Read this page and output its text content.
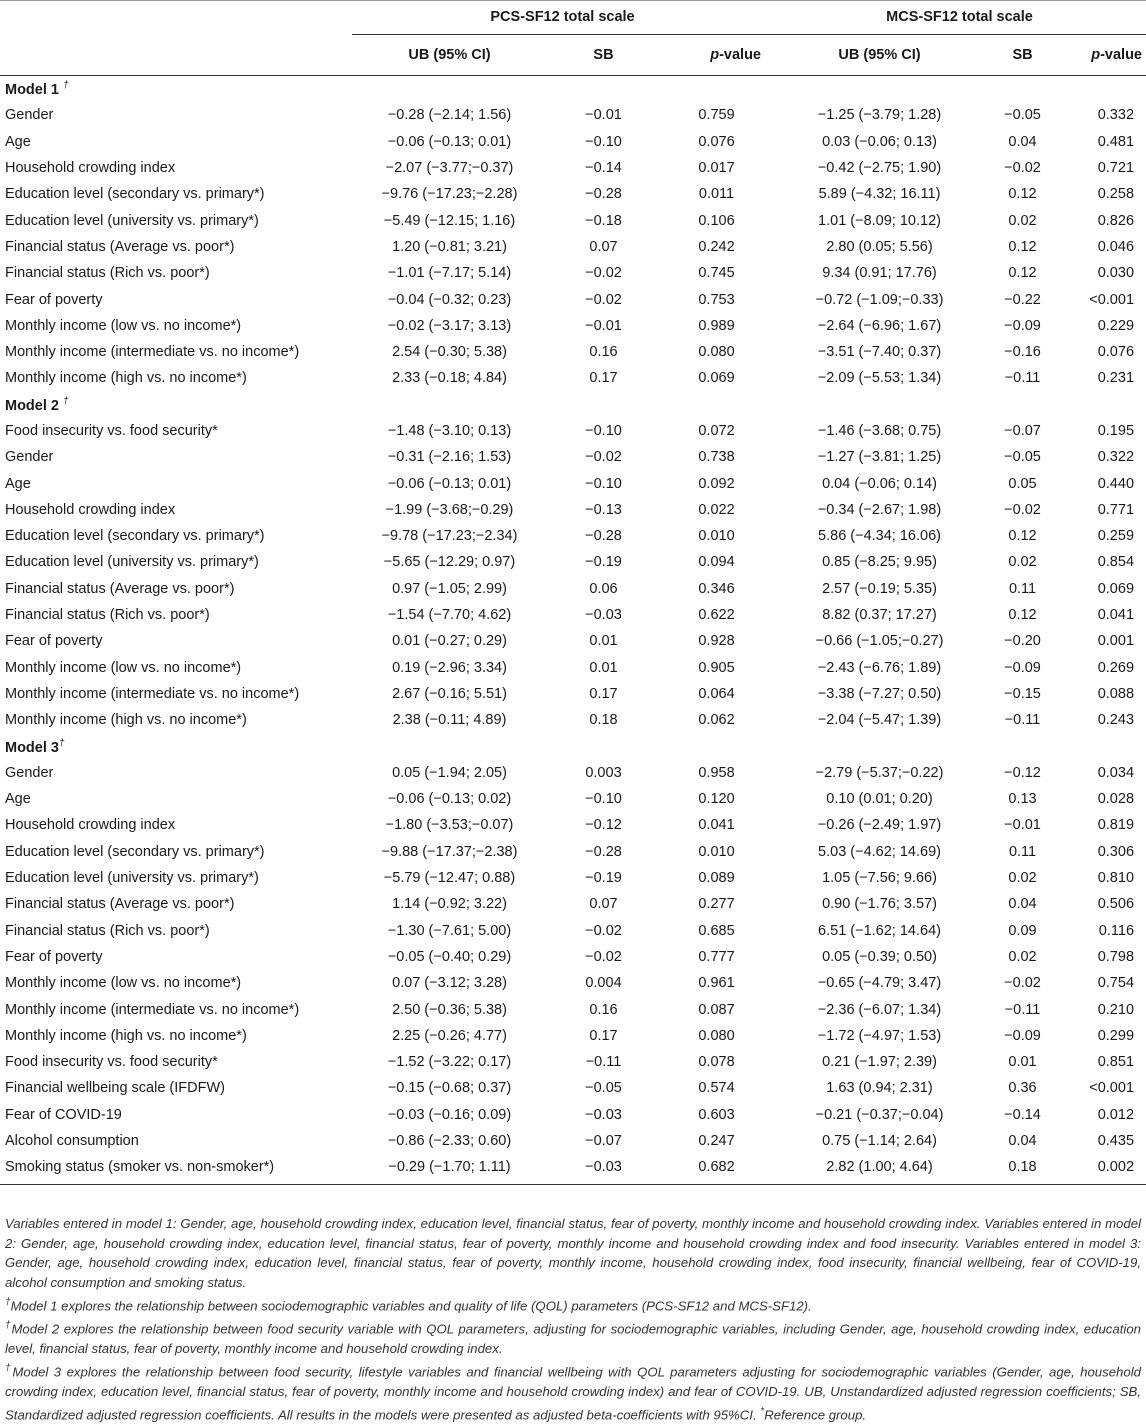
	PCS-SF12 total scale			MCS-SF12 total scale		
	UB (95% CI)	SB	p-value	UB (95% CI)	SB	p-value
Model 1 †
Gender	−0.28 (−2.14; 1.56)	−0.01	0.759	−1.25 (−3.79; 1.28)	−0.05	0.332
Age	−0.06 (−0.13; 0.01)	−0.10	0.076	0.03 (−0.06; 0.13)	0.04	0.481
Household crowding index	−2.07 (−3.77;−0.37)	−0.14	0.017	−0.42 (−2.75; 1.90)	−0.02	0.721
Education level (secondary vs. primary*)	−9.76 (−17.23;−2.28)	−0.28	0.011	5.89 (−4.32; 16.11)	0.12	0.258
Education level (university vs. primary*)	−5.49 (−12.15; 1.16)	−0.18	0.106	1.01 (−8.09; 10.12)	0.02	0.826
Financial status (Average vs. poor*)	1.20 (−0.81; 3.21)	0.07	0.242	2.80 (0.05; 5.56)	0.12	0.046
Financial status (Rich vs. poor*)	−1.01 (−7.17; 5.14)	−0.02	0.745	9.34 (0.91; 17.76)	0.12	0.030
Fear of poverty	−0.04 (−0.32; 0.23)	−0.02	0.753	−0.72 (−1.09;−0.33)	−0.22	<0.001
Monthly income (low vs. no income*)	−0.02 (−3.17; 3.13)	−0.01	0.989	−2.64 (−6.96; 1.67)	−0.09	0.229
Monthly income (intermediate vs. no income*)	2.54 (−0.30; 5.38)	0.16	0.080	−3.51 (−7.40; 0.37)	−0.16	0.076
Monthly income (high vs. no income*)	2.33 (−0.18; 4.84)	0.17	0.069	−2.09 (−5.53; 1.34)	−0.11	0.231
Model 2 †
Food insecurity vs. food security*	−1.48 (−3.10; 0.13)	−0.10	0.072	−1.46 (−3.68; 0.75)	−0.07	0.195
Gender	−0.31 (−2.16; 1.53)	−0.02	0.738	−1.27 (−3.81; 1.25)	−0.05	0.322
Age	−0.06 (−0.13; 0.01)	−0.10	0.092	0.04 (−0.06; 0.14)	0.05	0.440
Household crowding index	−1.99 (−3.68;−0.29)	−0.13	0.022	−0.34 (−2.67; 1.98)	−0.02	0.771
Education level (secondary vs. primary*)	−9.78 (−17.23;−2.34)	−0.28	0.010	5.86 (−4.34; 16.06)	0.12	0.259
Education level (university vs. primary*)	−5.65 (−12.29; 0.97)	−0.19	0.094	0.85 (−8.25; 9.95)	0.02	0.854
Financial status (Average vs. poor*)	0.97 (−1.05; 2.99)	0.06	0.346	2.57 (−0.19; 5.35)	0.11	0.069
Financial status (Rich vs. poor*)	−1.54 (−7.70; 4.62)	−0.03	0.622	8.82 (0.37; 17.27)	0.12	0.041
Fear of poverty	0.01 (−0.27; 0.29)	0.01	0.928	−0.66 (−1.05;−0.27)	−0.20	0.001
Monthly income (low vs. no income*)	0.19 (−2.96; 3.34)	0.01	0.905	−2.43 (−6.76; 1.89)	−0.09	0.269
Monthly income (intermediate vs. no income*)	2.67 (−0.16; 5.51)	0.17	0.064	−3.38 (−7.27; 0.50)	−0.15	0.088
Monthly income (high vs. no income*)	2.38 (−0.11; 4.89)	0.18	0.062	−2.04 (−5.47; 1.39)	−0.11	0.243
Model 3†
Gender	0.05 (−1.94; 2.05)	0.003	0.958	−2.79 (−5.37;−0.22)	−0.12	0.034
Age	−0.06 (−0.13; 0.02)	−0.10	0.120	0.10 (0.01; 0.20)	0.13	0.028
Household crowding index	−1.80 (−3.53;−0.07)	−0.12	0.041	−0.26 (−2.49; 1.97)	−0.01	0.819
Education level (secondary vs. primary*)	−9.88 (−17.37;−2.38)	−0.28	0.010	5.03 (−4.62; 14.69)	0.11	0.306
Education level (university vs. primary*)	−5.79 (−12.47; 0.88)	−0.19	0.089	1.05 (−7.56; 9.66)	0.02	0.810
Financial status (Average vs. poor*)	1.14 (−0.92; 3.22)	0.07	0.277	0.90 (−1.76; 3.57)	0.04	0.506
Financial status (Rich vs. poor*)	−1.30 (−7.61; 5.00)	−0.02	0.685	6.51 (−1.62; 14.64)	0.09	0.116
Fear of poverty	−0.05 (−0.40; 0.29)	−0.02	0.777	0.05 (−0.39; 0.50)	0.02	0.798
Monthly income (low vs. no income*)	0.07 (−3.12; 3.28)	0.004	0.961	−0.65 (−4.79; 3.47)	−0.02	0.754
Monthly income (intermediate vs. no income*)	2.50 (−0.36; 5.38)	0.16	0.087	−2.36 (−6.07; 1.34)	−0.11	0.210
Monthly income (high vs. no income*)	2.25 (−0.26; 4.77)	0.17	0.080	−1.72 (−4.97; 1.53)	−0.09	0.299
Food insecurity vs. food security*	−1.52 (−3.22; 0.17)	−0.11	0.078	0.21 (−1.97; 2.39)	0.01	0.851
Financial wellbeing scale (IFDFW)	−0.15 (−0.68; 0.37)	−0.05	0.574	1.63 (0.94; 2.31)	0.36	<0.001
Fear of COVID-19	−0.03 (−0.16; 0.09)	−0.03	0.603	−0.21 (−0.37;−0.04)	−0.14	0.012
Alcohol consumption	−0.86 (−2.33; 0.60)	−0.07	0.247	0.75 (−1.14; 2.64)	0.04	0.435
Smoking status (smoker vs. non-smoker*)	−0.29 (−1.70; 1.11)	−0.03	0.682	2.82 (1.00; 4.64)	0.18	0.002

Variables entered in model 1: Gender, age, household crowding index, education level, financial status, fear of poverty, monthly income and household crowding index. Variables entered in model 2: Gender, age, household crowding index, education level, financial status, fear of poverty, monthly income and household crowding index and food insecurity. Variables entered in model 3: Gender, age, household crowding index, education level, financial status, fear of poverty, monthly income, household crowding index, food insecurity, financial wellbeing, fear of COVID-19, alcohol consumption and smoking status.

†Model 1 explores the relationship between sociodemographic variables and quality of life (QOL) parameters (PCS-SF12 and MCS-SF12).

†Model 2 explores the relationship between food security variable with QOL parameters, adjusting for sociodemographic variables, including Gender, age, household crowding index, education level, financial status, fear of poverty, monthly income and household crowding index.

†Model 3 explores the relationship between food security, lifestyle variables and financial wellbeing with QOL parameters adjusting for sociodemographic variables (Gender, age, household crowding index, education level, financial status, fear of poverty, monthly income and household crowding index) and fear of COVID-19. UB, Unstandardized adjusted regression coefficients; SB, Standardized adjusted regression coefficients. All results in the models were presented as adjusted beta-coefficients with 95%CI. *Reference group.
